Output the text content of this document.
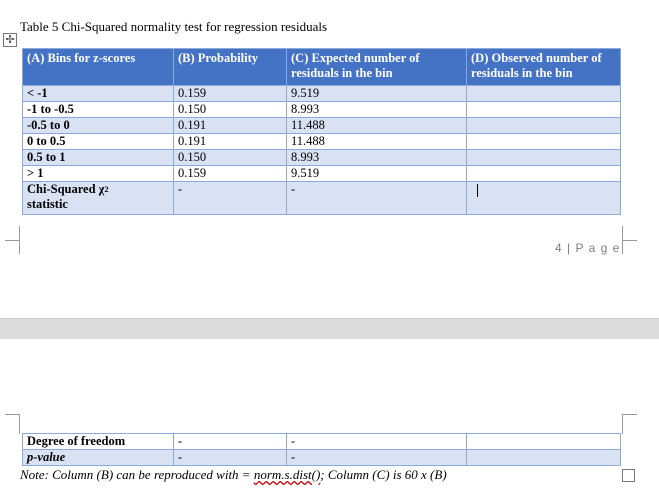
✢
Table 5 Chi-Squared normality test for regression residuals
(A) Bins for z-scores	(B) Probability	(C) Expected number of residuals in the bin	(D) Observed number of residuals in the bin
< -1	0.159	9.519	
-1 to -0.5	0.150	8.993	
-0.5 to 0	0.191	11.488	
0 to 0.5	0.191	11.488	
0.5 to 1	0.150	8.993	
> 1	0.159	9.519	
Chi-Squared $\chi^2$
statistic	-	-	
4 | P a g e
Degree of freedom	-	-	
p-value	-	-	
Note: Column (B) can be reproduced with = norm.s.dist(); Column (C) is 60 x (B)
